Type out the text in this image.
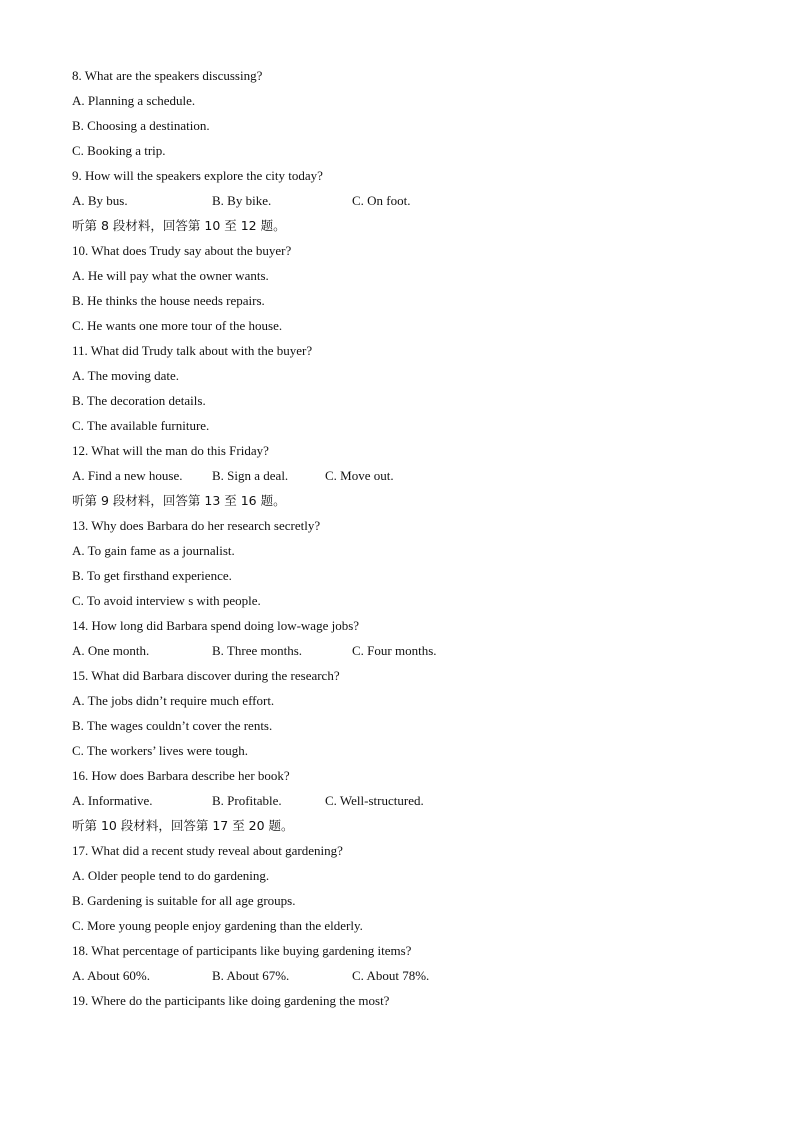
8. What are the speakers discussing?
A. Planning a schedule.
B. Choosing a destination.
C. Booking a trip.
9. How will the speakers explore the city today?
A. By bus.	B. By bike.	C. On foot.
听第 8 段材料，回答第 10 至 12 题。
10. What does Trudy say about the buyer?
A. He will pay what the owner wants.
B. He thinks the house needs repairs.
C. He wants one more tour of the house.
11. What did Trudy talk about with the buyer?
A. The moving date.
B. The decoration details.
C. The available furniture.
12. What will the man do this Friday?
A. Find a new house.	B. Sign a deal.	C. Move out.
听第 9 段材料，回答第 13 至 16 题。
13. Why does Barbara do her research secretly?
A. To gain fame as a journalist.
B. To get firsthand experience.
C. To avoid interview s with people.
14. How long did Barbara spend doing low-wage jobs?
A. One month.	B. Three months.	C. Four months.
15. What did Barbara discover during the research?
A. The jobs didn’t require much effort.
B. The wages couldn’t cover the rents.
C. The workers’ lives were tough.
16. How does Barbara describe her book?
A. Informative.	B. Profitable.	C. Well-structured.
听第 10 段材料，回答第 17 至 20 题。
17. What did a recent study reveal about gardening?
A. Older people tend to do gardening.
B. Gardening is suitable for all age groups.
C. More young people enjoy gardening than the elderly.
18. What percentage of participants like buying gardening items?
A. About 60%.	B. About 67%.	C. About 78%.
19. Where do the participants like doing gardening the most?
